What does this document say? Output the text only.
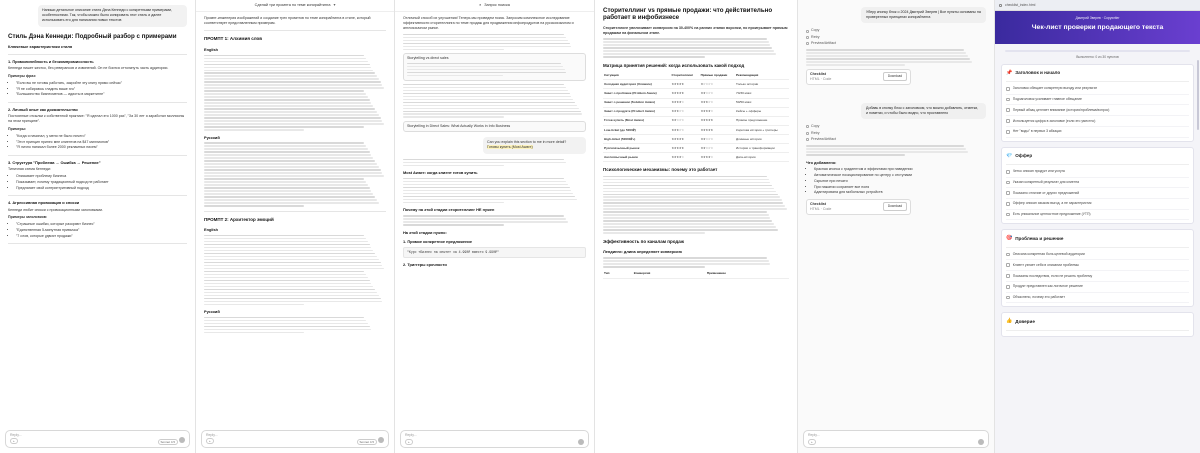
Напиши детальное описание стиля Дэна Кеннеди с конкретными примерами, особенностями. Так, чтобы можно было копировать этот стиль и далее использовать его для написания новых текстов
Стиль Дэна Кеннеди: Подробный разбор с примерами
Ключевые характеристики стиля
1. Прямолинейность и безкомпромиссность

Кеннеди пишет жестко, без реверансов и извинений. Он не боится оттолкнуть часть аудитории.

Примеры фраз:

• "Если вы не готовы работать, закройте эту книгу прямо сейчас"
• "Я не собираюсь гладить ваше эго"
• "Большинство бизнесменов — идиоты в маркетинге"
2. Личный опыт как доказательство

Постоянные отсылки к собственной практике: "Я сделал это 1000 раз", "За 30 лет я заработал миллионы на этом принципе".

Примеры:

• "Когда я начинал, у меня не было ничего"
• "Этот принцип принес мне клиентов на $47 миллионов"
• "Я лично написал более 2000 рекламных писем"
3. Структура "Проблема → Ошибка → Решение"

Типичная схема Кеннеди:

• Описывает проблему бизнеса
• Показывает, почему традиционный подход не работает
• Предлагает свой контринтуитивный подход
4. Агрессивная провокация и списки

Кеннеди любит списки с провокационными заголовками.

Примеры заголовков:

• "Страшные ошибки, которые разоряют бизнес"
• "Единственная 5-минутная привычка"
• "7 слов, которые удвоят продажи"
Reply...
+	Sonnet 4.5
Сделай три промпта по теме копирайтинга ▾

Промпт-инженерия изображений и создание трех промптов по теме копирайтинга в стиле, который соответствует представленным примерам.

ПРОМПТ 1: Алхимия слов
English
Русский
ПРОМПТ 2: Архитектор эмоций
English
Русский
Reply...
+	Sonnet 4.5
⌕ Запрос поиска

Отличный способ их улучшения! Теперь мы проведем поиск. Запросим комплексное исследование эффективности сторителлинга по теме продаж для продвижения инфопродуктов на русскоязычном и англоязычном рынке.

Storytelling vs direct sales
Storytelling in Direct Sales: What Actually Works in Info Business
Can you explain this section to me in more detail?
Готовы купить (Most Aware)
Most Aware: когда клиент готов купить
Почему на этой стадии сторителлинг НЕ нужен
На этой стадии нужно:
1. Прямое конкретное предложение
"Курс «Бизнес на опыте» за 4.990₽ вместо 9.990₽"
2. Триггеры срочности
Reply...
+
Сторителлинг vs прямые продажи: что действительно работает в инфобизнесе

Сторителлинг увеличивает конверсию на 30-400% на ранних этапах воронки, но проигрывает прямым продажам на финальном этапе.

Матрица принятия решений: когда использовать какой подход
Ситуация	Сторителлинг	Прямые продажи	Рекомендация
Холодная аудитория (Unaware)	★★★★★	★☆☆☆☆	Только истории
Знает о проблеме (Problem Aware)	★★★★★	★★☆☆☆	70/30 микс
Знает о решении (Solution Aware)	★★★★☆	★★★☆☆	50/50 микс
Знает о продукте (Product Aware)	★★★☆☆	★★★★☆	Кейсы + офферы
Готов купить (Most Aware)	★★☆☆☆	★★★★★	Прямое предложение
Low-ticket (до 5000₽)	★★★☆☆	★★★★★	Короткая история + триггеры
High-ticket (50000₽+)	★★★★★	★★☆☆☆	Длинные истории
Русскоязычный рынок	★★★★★	★★☆☆☆	Истории о трансформации
Англоязычный рынок	★★★★☆	★★★★☆	Дата-истории
Психологические механизмы: почему это работает
Эффективность по каналам продаж
Лендинги: длина определяет конверсию
Тип	Конверсия	Применение
Уберу кнопку блок о 2024 Дмитрий Зверев | Все пункты основаны на проверенных принципах копирайтинга
Copy
Retry
Preview/Artifact
Checklist
HTML · Code
Download
Добавь в кнопку блок с заголовком, что можно добавлять, отметки, и пометки, и чтобы было видно, что проставлено
Copy
Retry
Preview/Artifact
Что добавлено:
• Красная кнопка с градиентом и эффектами при наведении
• Автоматическое позиционирование по центру с отступами
• Скрытие при печати
• При нажатии сохраняет все поля
• Адаптирована для мобильных устройств
Checklist
HTML · Code
Download
Reply...
+
checklist_index.html
Дмитрий Зверев · Copywriter
Чек-лист проверки продающего текста
Выполнено: 0 из 30 пунктов
📌 Заголовок и начало
Заголовок обещает конкретную выгоду или результат
Подзаголовок усиливает главное обещание
Первый абзац цепляет внимание (история/проблема/вопрос)
Используется цифра в заголовке (если это уместно)
Нет "воды" в первых 3 абзацах
💎 Оффер
Четко описан продукт или услуга
Указан конкретный результат для клиента
Показано отличие от других предложений
Оффер описан языком выгод, а не характеристик
Есть уникальное ценностное предложение (УТП)
🎯 Проблема и решение
Описана конкретная боль целевой аудитории
Клиент узнает себя в описании проблемы
Показаны последствия, если не решить проблему
Продукт представлен как логичное решение
Объяснено, почему это работает
👍 Доверие
